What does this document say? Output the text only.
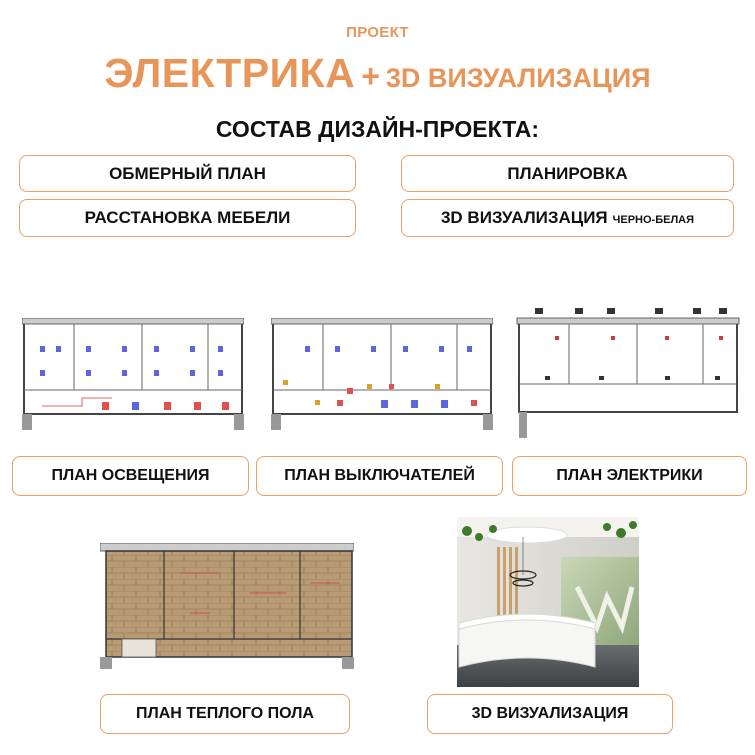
ПРОЕКТ
ЭЛЕКТРИКА + 3D ВИЗУАЛИЗАЦИЯ
СОСТАВ ДИЗАЙН-ПРОЕКТА:
ОБМЕРНЫЙ ПЛАН	ПЛАНИРОВКА
РАССТАНОВКА МЕБЕЛИ	3D ВИЗУАЛИЗАЦИЯ ЧЕРНО-БЕЛАЯ
ПЛАН ОСВЕЩЕНИЯ	ПЛАН ВЫКЛЮЧАТЕЛЕЙ	ПЛАН ЭЛЕКТРИКИ
ПЛАН ТЕПЛОГО ПОЛА	3D ВИЗУАЛИЗАЦИЯ
